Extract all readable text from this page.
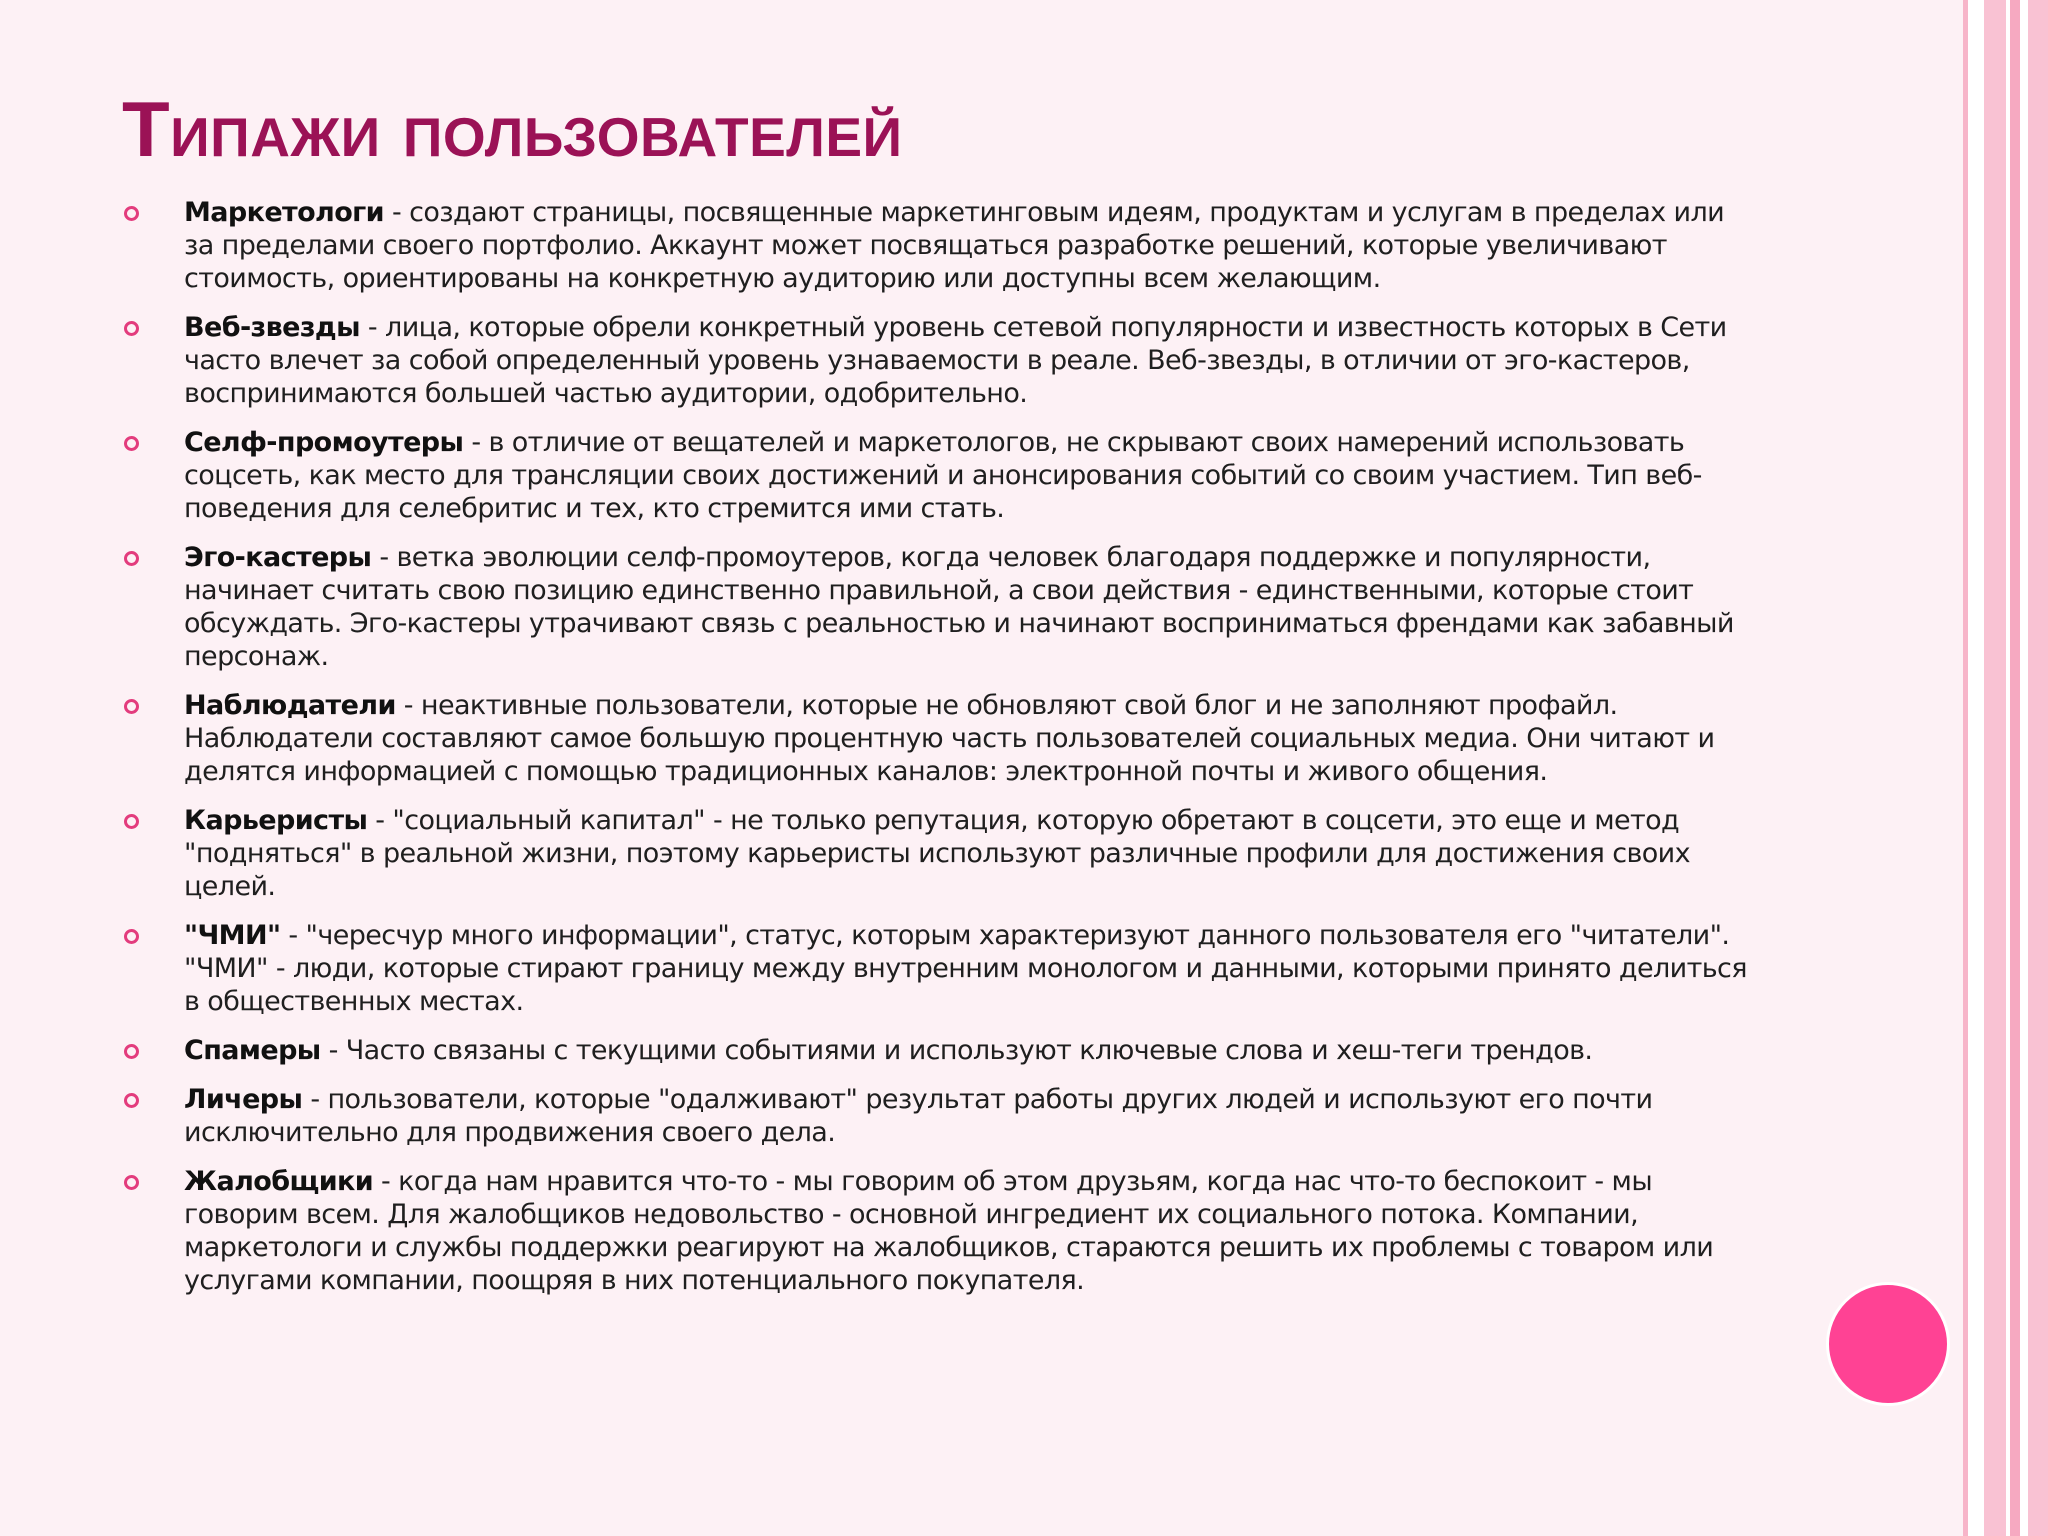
Типажи пользователей
Маркетологи - создают страницы, посвященные маркетинговым идеям, продуктам и услугам в пределах или за пределами своего портфолио. Аккаунт может посвящаться разработке решений, которые увеличивают стоимость, ориентированы на конкретную аудиторию или доступны всем желающим.
Веб-звезды - лица, которые обрели конкретный уровень сетевой популярности и известность которых в Сети часто влечет за собой определенный уровень узнаваемости в реале. Веб-звезды, в отличии от эго-кастеров, воспринимаются большей частью аудитории, одобрительно.
Селф-промоутеры - в отличие от вещателей и маркетологов, не скрывают своих намерений использовать соцсеть, как место для трансляции своих достижений и анонсирования событий со своим участием. Тип веб-поведения для селебритис и тех, кто стремится ими стать.
Эго-кастеры - ветка эволюции селф-промоутеров, когда человек благодаря поддержке и популярности, начинает считать свою позицию единственно правильной, а свои действия - единственными, которые стоит обсуждать. Эго-кастеры утрачивают связь с реальностью и начинают восприниматься френдами как забавный персонаж.
Наблюдатели - неактивные пользователи, которые не обновляют свой блог и не заполняют профайл. Наблюдатели составляют самое большую процентную часть пользователей социальных медиа. Они читают и делятся информацией с помощью традиционных каналов: электронной почты и живого общения.
Карьеристы - "социальный капитал" - не только репутация, которую обретают в соцсети, это еще и метод "подняться" в реальной жизни, поэтому карьеристы используют различные профили для достижения своих целей.
"ЧМИ" - "чересчур много информации", статус, которым характеризуют данного пользователя его "читатели". "ЧМИ" - люди, которые стирают границу между внутренним монологом и данными, которыми принято делиться в общественных местах.
Спамеры - Часто связаны с текущими событиями и используют ключевые слова и хеш-теги трендов.
Личеры - пользователи, которые "одалживают" результат работы других людей и используют его почти исключительно для продвижения своего дела.
Жалобщики - когда нам нравится что-то - мы говорим об этом друзьям, когда нас что-то беспокоит - мы говорим всем. Для жалобщиков недовольство - основной ингредиент их социального потока. Компании, маркетологи и службы поддержки реагируют на жалобщиков, стараются решить их проблемы с товаром или услугами компании, поощряя в них потенциального покупателя.
